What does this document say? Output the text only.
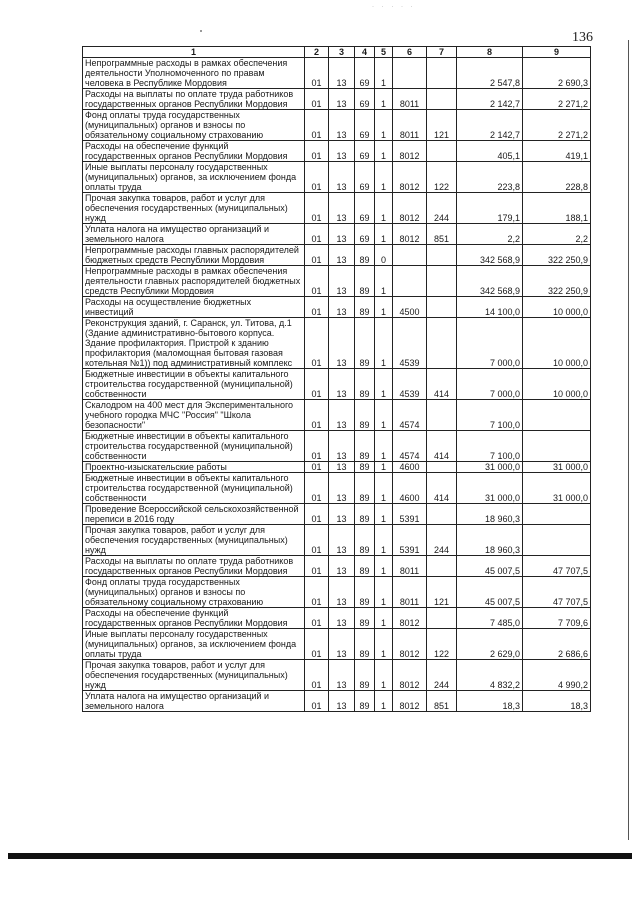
· · · · ·
136
1	2	3	4	5	6	7	8	9
Непрограммные расходы в рамках обеспечения деятельности Уполномоченного по правам человека в Республике Мордовия	01	13	69	1			2 547,8	2 690,3
Расходы на выплаты по оплате труда работников государственных органов Республики Мордовия	01	13	69	1	8011		2 142,7	2 271,2
Фонд оплаты труда государственных (муниципальных) органов и взносы по обязательному социальному страхованию	01	13	69	1	8011	121	2 142,7	2 271,2
Расходы на обеспечение функций государственных органов Республики Мордовия	01	13	69	1	8012		405,1	419,1
Иные выплаты персоналу государственных (муниципальных) органов, за исключением фонда оплаты труда	01	13	69	1	8012	122	223,8	228,8
Прочая закупка товаров, работ и услуг для обеспечения государственных (муниципальных) нужд	01	13	69	1	8012	244	179,1	188,1
Уплата налога на имущество организаций и земельного налога	01	13	69	1	8012	851	2,2	2,2
Непрограммные расходы главных распорядителей бюджетных средств Республики Мордовия	01	13	89	0			342 568,9	322 250,9
Непрограммные расходы в рамках обеспечения деятельности главных распорядителей бюджетных средств Республики Мордовия	01	13	89	1			342 568,9	322 250,9
Расходы на осуществление бюджетных инвестиций	01	13	89	1	4500		14 100,0	10 000,0
Реконструкция зданий, г. Саранск, ул. Титова, д.1 (Здание административно-бытового корпуса. Здание профилактория. Пристрой к зданию профилактория (маломощная бытовая газовая котельная №1)) под административный комплекс	01	13	89	1	4539		7 000,0	10 000,0
Бюджетные инвестиции в объекты капитального строительства государственной (муниципальной) собственности	01	13	89	1	4539	414	7 000,0	10 000,0
Скалодром на 400 мест для Экспериментального учебного городка МЧС "Россия" "Школа безопасности"	01	13	89	1	4574		7 100,0	
Бюджетные инвестиции в объекты капитального строительства государственной (муниципальной) собственности	01	13	89	1	4574	414	7 100,0	
Проектно-изыскательские работы	01	13	89	1	4600		31 000,0	31 000,0
Бюджетные инвестиции в объекты капитального строительства государственной (муниципальной) собственности	01	13	89	1	4600	414	31 000,0	31 000,0
Проведение Всероссийской сельскохозяйственной переписи в 2016 году	01	13	89	1	5391		18 960,3	
Прочая закупка товаров, работ и услуг для обеспечения государственных (муниципальных) нужд	01	13	89	1	5391	244	18 960,3	
Расходы на выплаты по оплате труда работников государственных органов Республики Мордовия	01	13	89	1	8011		45 007,5	47 707,5
Фонд оплаты труда государственных (муниципальных) органов и взносы по обязательному социальному страхованию	01	13	89	1	8011	121	45 007,5	47 707,5
Расходы на обеспечение функций государственных органов Республики Мордовия	01	13	89	1	8012		7 485,0	7 709,6
Иные выплаты персоналу государственных (муниципальных) органов, за исключением фонда оплаты труда	01	13	89	1	8012	122	2 629,0	2 686,6
Прочая закупка товаров, работ и услуг для обеспечения государственных (муниципальных) нужд	01	13	89	1	8012	244	4 832,2	4 990,2
Уплата налога на имущество организаций и земельного налога	01	13	89	1	8012	851	18,3	18,3
